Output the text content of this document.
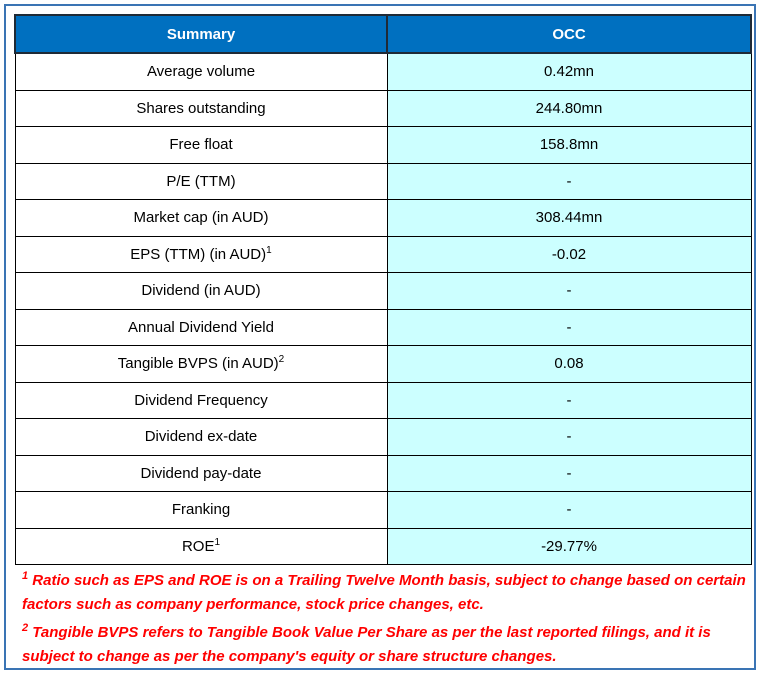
Summary	OCC
Average volume	0.42mn
Shares outstanding	244.80mn
Free float	158.8mn
P/E (TTM)	-
Market cap (in AUD)	308.44mn
EPS (TTM) (in AUD)$^1$	-0.02
Dividend (in AUD)	-
Annual Dividend Yield	-
Tangible BVPS (in AUD)$^2$	0.08
Dividend Frequency	-
Dividend ex-date	-
Dividend pay-date	-
Franking	-
ROE$^1$	-29.77%
$^1$ Ratio such as EPS and ROE is on a Trailing Twelve Month basis, subject to change based on certain factors such as company performance, stock price changes, etc.
$^2$ Tangible BVPS refers to Tangible Book Value Per Share as per the last reported filings, and it is subject to change as per the company's equity or share structure changes.
